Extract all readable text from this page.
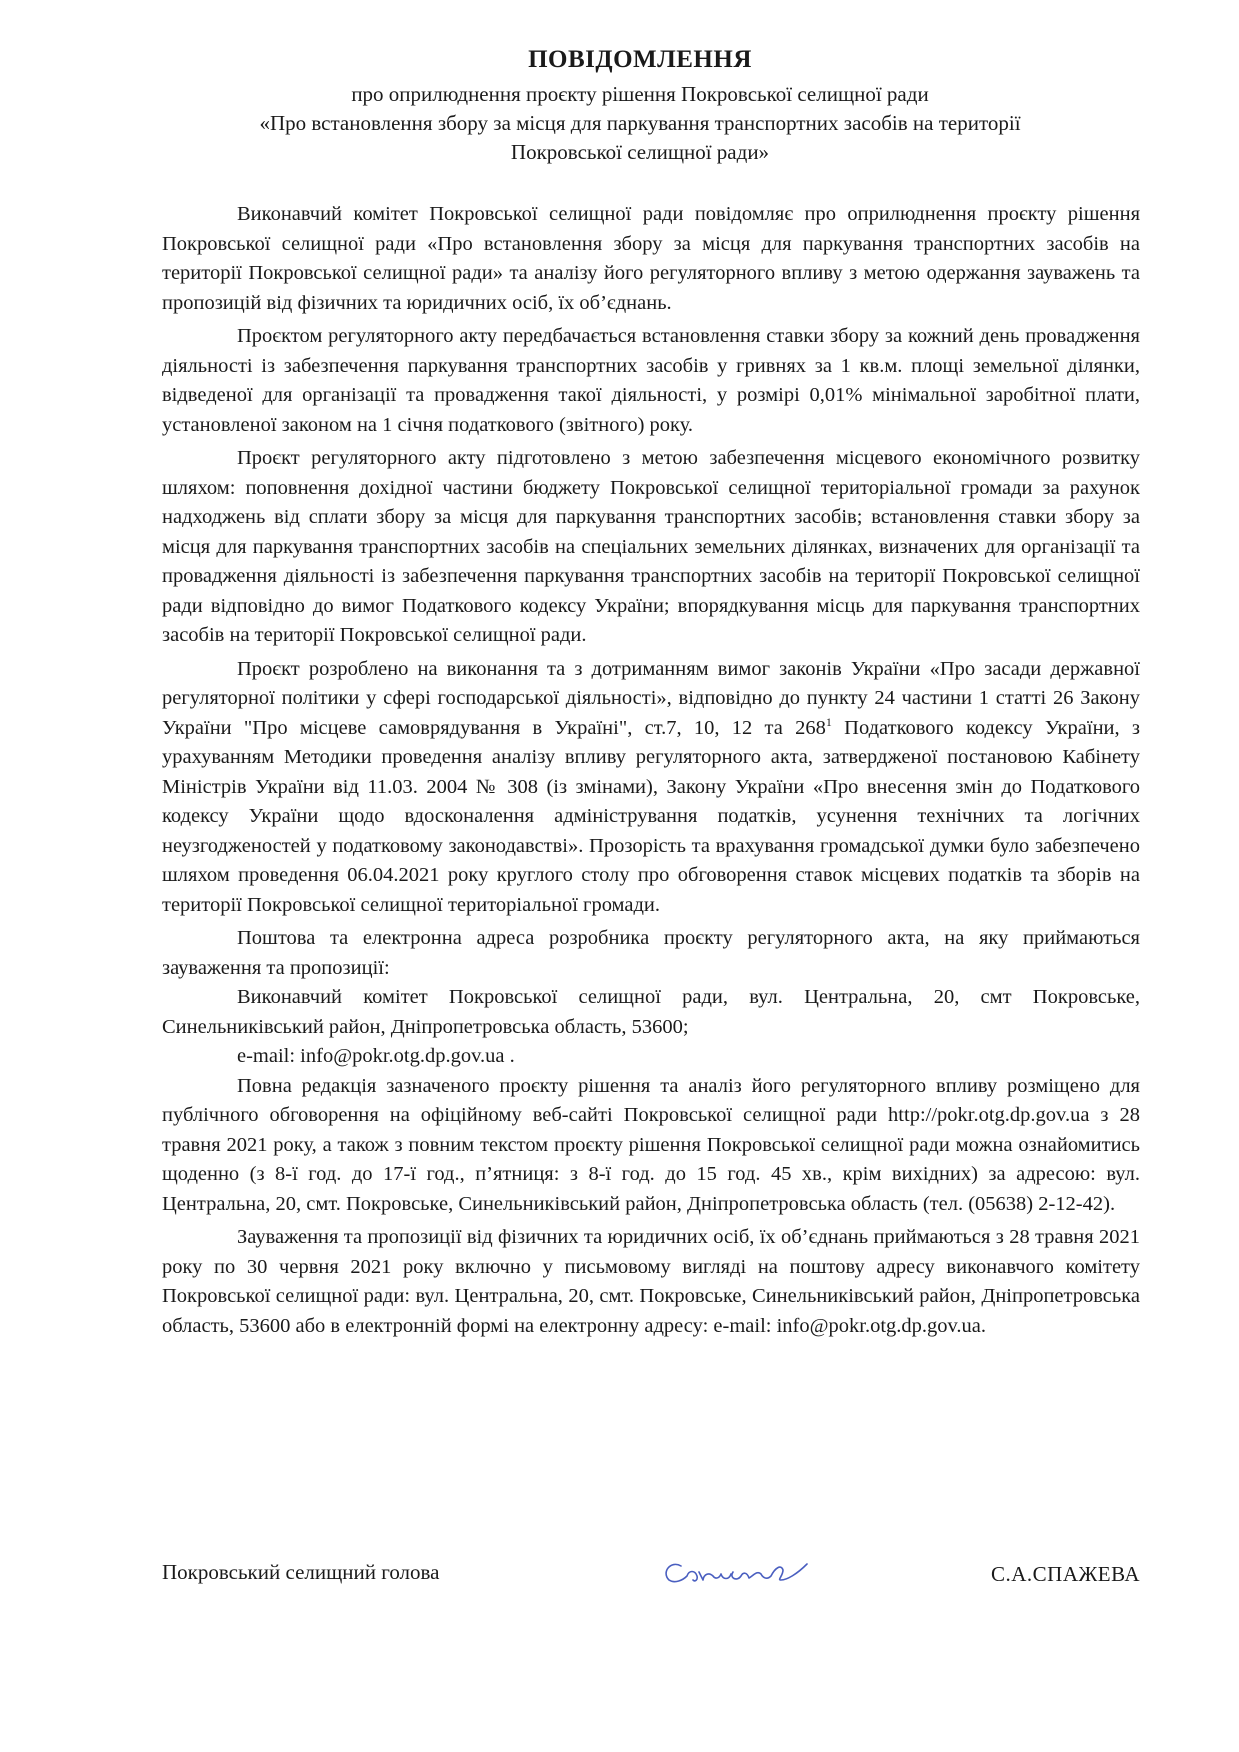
ПОВІДОМЛЕННЯ
про оприлюднення проєкту рішення Покровської селищної ради
«Про встановлення збору за місця для паркування транспортних засобів на території
Покровської селищної ради»

Виконавчий комітет Покровської селищної ради повідомляє про оприлюднення проєкту рішення Покровської селищної ради «Про встановлення збору за місця для паркування транспортних засобів на території Покровської селищної ради» та аналізу його регуляторного впливу з метою одержання зауважень та пропозицій від фізичних та юридичних осіб, їх об’єднань.

Проєктом регуляторного акту передбачається встановлення ставки збору за кожний день провадження діяльності із забезпечення паркування транспортних засобів у гривнях за 1 кв.м. площі земельної ділянки, відведеної для організації та провадження такої діяльності, у розмірі 0,01% мінімальної заробітної плати, установленої законом на 1 січня податкового (звітного) року.

Проєкт регуляторного акту підготовлено з метою забезпечення місцевого економічного розвитку шляхом: поповнення дохідної частини бюджету Покровської селищної територіальної громади за рахунок надходжень від сплати збору за місця для паркування транспортних засобів; встановлення ставки збору за місця для паркування транспортних засобів на спеціальних земельних ділянках, визначених для організації та провадження діяльності із забезпечення паркування транспортних засобів на території Покровської селищної ради відповідно до вимог Податкового кодексу України; впорядкування місць для паркування транспортних засобів на території Покровської селищної ради.

Проєкт розроблено на виконання та з дотриманням вимог законів України «Про засади державної регуляторної політики у сфері господарської діяльності», відповідно до пункту 24 частини 1 статті 26 Закону України "Про місцеве самоврядування в Україні", ст.7, 10, 12 та $268^1$ Податкового кодексу України, з урахуванням Методики проведення аналізу впливу регуляторного акта, затвердженої постановою Кабінету Міністрів України від 11.03. 2004 № 308 (із змінами), Закону України «Про внесення змін до Податкового кодексу України щодо вдосконалення адміністрування податків, усунення технічних та логічних неузгодженостей у податковому законодавстві». Прозорість та врахування громадської думки було забезпечено шляхом проведення 06.04.2021 року круглого столу про обговорення ставок місцевих податків та зборів на території Покровської селищної територіальної громади.

Поштова та електронна адреса розробника проєкту регуляторного акта, на яку приймаються зауваження та пропозиції:

Виконавчий комітет Покровської селищної ради, вул. Центральна, 20, смт Покровське, Синельниківський район, Дніпропетровська область, 53600;

e-mail: info@pokr.otg.dp.gov.ua .

Повна редакція зазначеного проєкту рішення та аналіз його регуляторного впливу розміщено для публічного обговорення на офіційному веб-сайті Покровської селищної ради http://pokr.otg.dp.gov.ua з 28 травня 2021 року, а також з повним текстом проєкту рішення Покровської селищної ради можна ознайомитись щоденно (з 8-ї год. до 17-ї год., п’ятниця: з 8-ї год. до 15 год. 45 хв., крім вихідних) за адресою: вул. Центральна, 20, смт. Покровське, Синельниківський район, Дніпропетровська область (тел. (05638) 2-12-42).

Зауваження та пропозиції від фізичних та юридичних осіб, їх об’єднань приймаються з 28 травня 2021 року по 30 червня 2021 року включно у письмовому вигляді на поштову адресу виконавчого комітету Покровської селищної ради: вул. Центральна, 20, смт. Покровське, Синельниківський район, Дніпропетровська область, 53600 або в електронній формі на електронну адресу: e-mail: info@pokr.otg.dp.gov.ua.

Покровський селищний голова	С.А.СПАЖЕВА
